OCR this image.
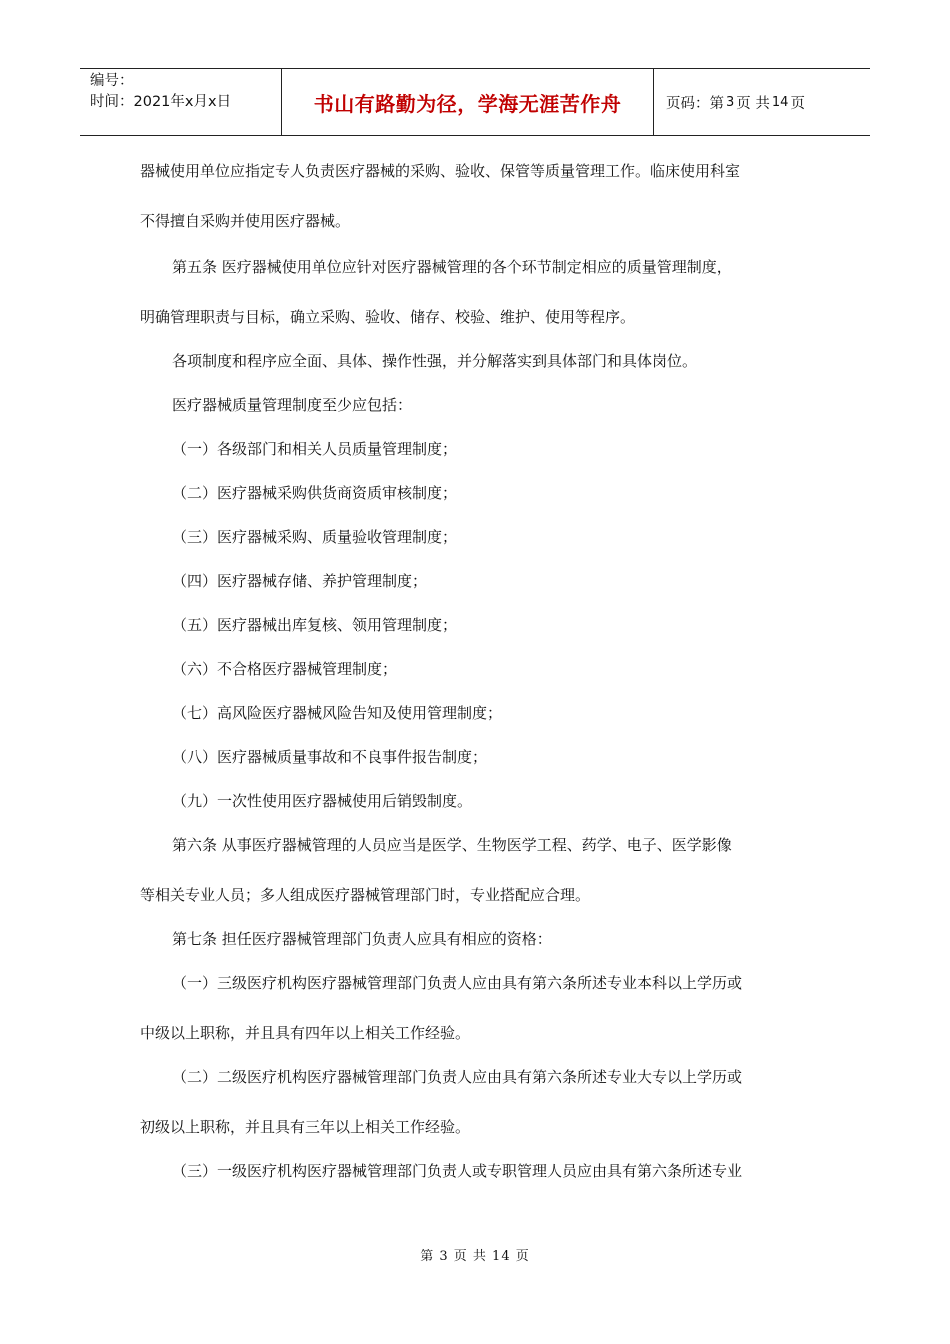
编号：
时间：2021年x月x日	书山有路勤为径，学海无涯苦作舟	页码：第 3 页 共 14 页
器械使用单位应指定专人负责医疗器械的采购、验收、保管等质量管理工作。临床使用科室
不得擅自采购并使用医疗器械。
第五条 医疗器械使用单位应针对医疗器械管理的各个环节制定相应的质量管理制度，
明确管理职责与目标，确立采购、验收、储存、校验、维护、使用等程序。
各项制度和程序应全面、具体、操作性强，并分解落实到具体部门和具体岗位。
医疗器械质量管理制度至少应包括：
（一）各级部门和相关人员质量管理制度；
（二）医疗器械采购供货商资质审核制度；
（三）医疗器械采购、质量验收管理制度；
（四）医疗器械存储、养护管理制度；
（五）医疗器械出库复核、领用管理制度；
（六）不合格医疗器械管理制度；
（七）高风险医疗器械风险告知及使用管理制度；
（八）医疗器械质量事故和不良事件报告制度；
（九）一次性使用医疗器械使用后销毁制度。
第六条 从事医疗器械管理的人员应当是医学、生物医学工程、药学、电子、医学影像
等相关专业人员；多人组成医疗器械管理部门时，专业搭配应合理。
第七条 担任医疗器械管理部门负责人应具有相应的资格：
（一）三级医疗机构医疗器械管理部门负责人应由具有第六条所述专业本科以上学历或
中级以上职称，并且具有四年以上相关工作经验。
（二）二级医疗机构医疗器械管理部门负责人应由具有第六条所述专业大专以上学历或
初级以上职称，并且具有三年以上相关工作经验。
（三）一级医疗机构医疗器械管理部门负责人或专职管理人员应由具有第六条所述专业
第 3 页 共 14 页
